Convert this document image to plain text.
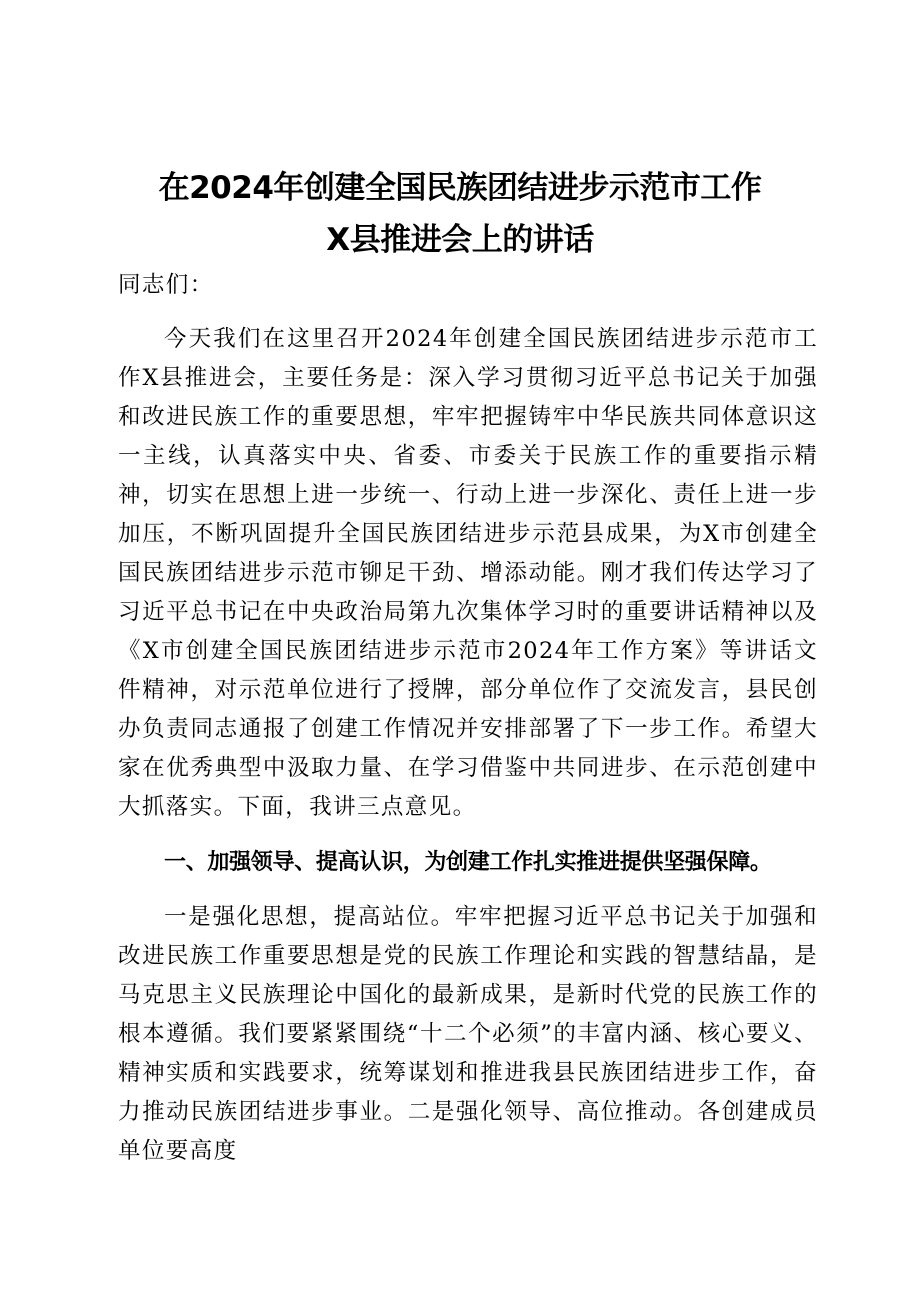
在2024年创建全国民族团结进步示范市工作
X县推进会上的讲话

同志们：

今天我们在这里召开2024年创建全国民族团结进步示范市工作X县推进会，主要任务是：深入学习贯彻习近平总书记关于加强和改进民族工作的重要思想，牢牢把握铸牢中华民族共同体意识这一主线，认真落实中央、省委、市委关于民族工作的重要指示精神，切实在思想上进一步统一、行动上进一步深化、责任上进一步加压，不断巩固提升全国民族团结进步示范县成果，为X市创建全国民族团结进步示范市铆足干劲、增添动能。刚才我们传达学习了习近平总书记在中央政治局第九次集体学习时的重要讲话精神以及《X市创建全国民族团结进步示范市2024年工作方案》等讲话文件精神，对示范单位进行了授牌，部分单位作了交流发言，县民创办负责同志通报了创建工作情况并安排部署了下一步工作。希望大家在优秀典型中汲取力量、在学习借鉴中共同进步、在示范创建中大抓落实。下面，我讲三点意见。

一、加强领导、提高认识，为创建工作扎实推进提供坚强保障。

一是强化思想，提高站位。牢牢把握习近平总书记关于加强和改进民族工作重要思想是党的民族工作理论和实践的智慧结晶，是马克思主义民族理论中国化的最新成果，是新时代党的民族工作的根本遵循。我们要紧紧围绕“十二个必须”的丰富内涵、核心要义、精神实质和实践要求，统筹谋划和推进我县民族团结进步工作，奋力推动民族团结进步事业。二是强化领导、高位推动。各创建成员单位要高度
